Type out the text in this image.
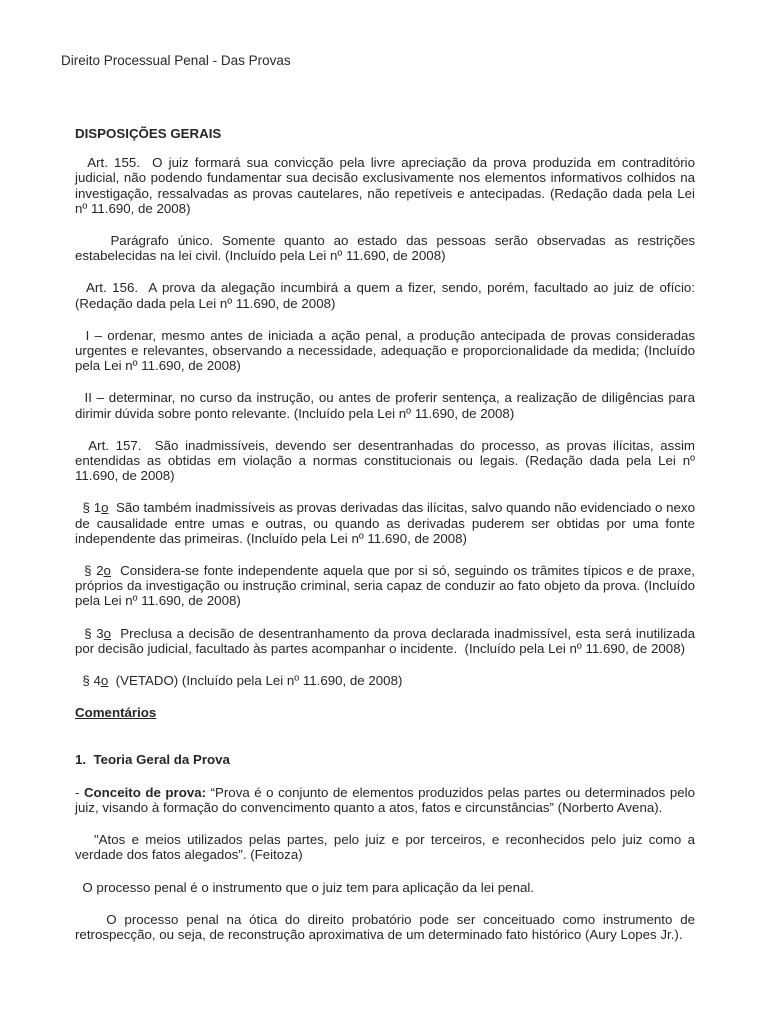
Direito Processual Penal - Das Provas

DISPOSIÇÕES GERAIS

Art. 155.  O juiz formará sua convicção pela livre apreciação da prova produzida em contraditório judicial, não podendo fundamentar sua decisão exclusivamente nos elementos informativos colhidos na investigação, ressalvadas as provas cautelares, não repetíveis e antecipadas. (Redação dada pela Lei nº 11.690, de 2008)

Parágrafo único. Somente quanto ao estado das pessoas serão observadas as restrições estabelecidas na lei civil. (Incluído pela Lei nº 11.690, de 2008)

Art. 156.  A prova da alegação incumbirá a quem a fizer, sendo, porém, facultado ao juiz de ofício:  (Redação dada pela Lei nº 11.690, de 2008)

I – ordenar, mesmo antes de iniciada a ação penal, a produção antecipada de provas consideradas urgentes e relevantes, observando a necessidade, adequação e proporcionalidade da medida; (Incluído pela Lei nº 11.690, de 2008)

II – determinar, no curso da instrução, ou antes de proferir sentença, a realização de diligências para dirimir dúvida sobre ponto relevante. (Incluído pela Lei nº 11.690, de 2008)

Art. 157.  São inadmissíveis, devendo ser desentranhadas do processo, as provas ilícitas, assim entendidas as obtidas em violação a normas constitucionais ou legais. (Redação dada pela Lei nº 11.690, de 2008)

§ 1o  São também inadmissíveis as provas derivadas das ilícitas, salvo quando não evidenciado o nexo de causalidade entre umas e outras, ou quando as derivadas puderem ser obtidas por uma fonte independente das primeiras. (Incluído pela Lei nº 11.690, de 2008)

§ 2o  Considera-se fonte independente aquela que por si só, seguindo os trâmites típicos e de praxe, próprios da investigação ou instrução criminal, seria capaz de conduzir ao fato objeto da prova. (Incluído pela Lei nº 11.690, de 2008)

§ 3o  Preclusa a decisão de desentranhamento da prova declarada inadmissível, esta será inutilizada por decisão judicial, facultado às partes acompanhar o incidente.  (Incluído pela Lei nº 11.690, de 2008)

§ 4o  (VETADO) (Incluído pela Lei nº 11.690, de 2008)

Comentários

1.  Teoria Geral da Prova

- Conceito de prova: “Prova é o conjunto de elementos produzidos pelas partes ou determinados pelo juiz, visando à formação do convencimento quanto a atos, fatos e circunstâncias” (Norberto Avena).

"Atos e meios utilizados pelas partes, pelo juiz e por terceiros, e reconhecidos pelo juiz como a verdade dos fatos alegados”. (Feitoza)

O processo penal é o instrumento que o juiz tem para aplicação da lei penal.

O processo penal na ótica do direito probatório pode ser conceituado como instrumento de retrospecção, ou seja, de reconstrução aproximativa de um determinado fato histórico (Aury Lopes Jr.).
